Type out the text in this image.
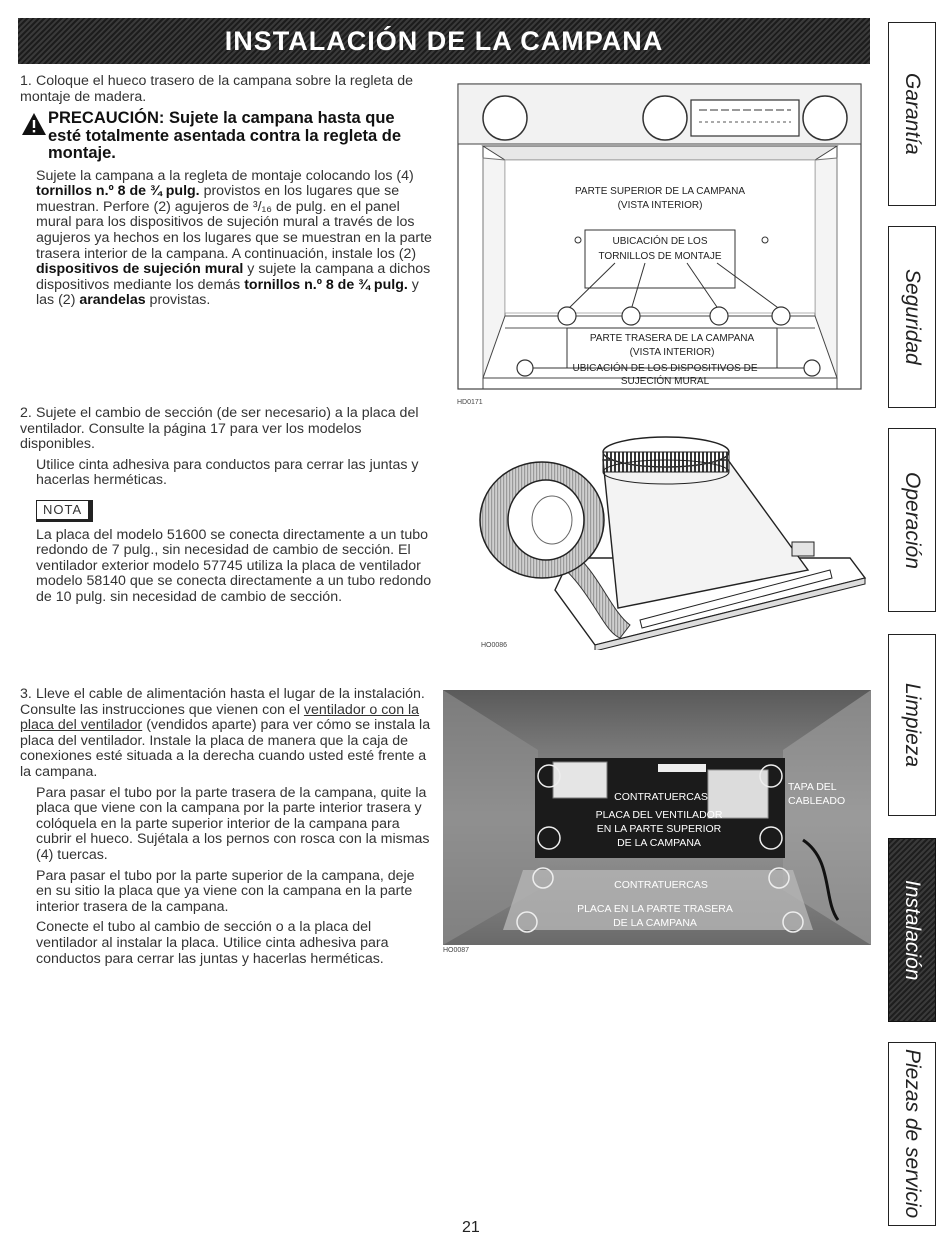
INSTALACIÓN DE LA CAMPANA

1. Coloque el hueco trasero de la campana sobre la regleta de montaje de madera.

PRECAUCIÓN: Sujete la campana hasta que esté totalmente asentada contra la regleta de montaje.

Sujete la campana a la regleta de montaje colocando los (4) tornillos n.º 8 de ¾ pulg. provistos en los lugares que se muestran. Perfore (2) agujeros de ³/₁₆ de pulg. en el panel mural para los dispositivos de sujeción mural a través de los agujeros ya hechos en los lugares que se muestran en la parte trasera interior de la campana. A continuación, instale los (2) dispositivos de sujeción mural y sujete la campana a dichos dispositivos mediante los demás tornillos n.º 8 de ¾ pulg. y las (2) arandelas provistas.

PARTE SUPERIOR DE LA CAMPANA
(VISTA INTERIOR)
UBICACIÓN DE LOS
TORNILLOS DE MONTAJE
PARTE TRASERA DE LA CAMPANA
(VISTA INTERIOR)
UBICACIÓN DE LOS DISPOSITIVOS DE
SUJECIÓN MURAL
HD0171

2. Sujete el cambio de sección (de ser necesario) a la placa del ventilador. Consulte la página 17 para ver los modelos disponibles.

Utilice cinta adhesiva para conductos para cerrar las juntas y hacerlas herméticas.

NOTA

La placa del modelo 51600 se conecta directamente a un tubo redondo de 7 pulg., sin necesidad de cambio de sección. El ventilador exterior modelo 57745 utiliza la placa de ventilador modelo 58140 que se conecta directamente a un tubo redondo de 10 pulg. sin necesidad de cambio de sección.

HO0086

3. Lleve el cable de alimentación hasta el lugar de la instalación. Consulte las instrucciones que vienen con el ventilador o con la placa del ventilador (vendidos aparte) para ver cómo se instala la placa del ventilador. Instale la placa de manera que la caja de conexiones esté situada a la derecha cuando usted esté frente a la campana.

Para pasar el tubo por la parte trasera de la campana, quite la placa que viene con la campana por la parte interior trasera y colóquela en la parte superior interior de la campana para cubrir el hueco. Sujétala a los pernos con rosca con la mismas (4) tuercas.

Para pasar el tubo por la parte superior de la campana, deje en su sitio la placa que ya viene con la campana en la parte interior trasera de la campana.

Conecte el tubo al cambio de sección o a la placa del ventilador al instalar la placa. Utilice cinta adhesiva para conductos para cerrar las juntas y hacerlas herméticas.

CONTRATUERCAS
PLACA DEL VENTILADOR
EN LA PARTE SUPERIOR
DE LA CAMPANA
TAPA DEL
CABLEADO
CONTRATUERCAS
PLACA EN LA PARTE TRASERA
DE LA CAMPANA
HO0087
Garantía
Seguridad
Operación
Limpieza
Instalación
Piezas de servicio
21
